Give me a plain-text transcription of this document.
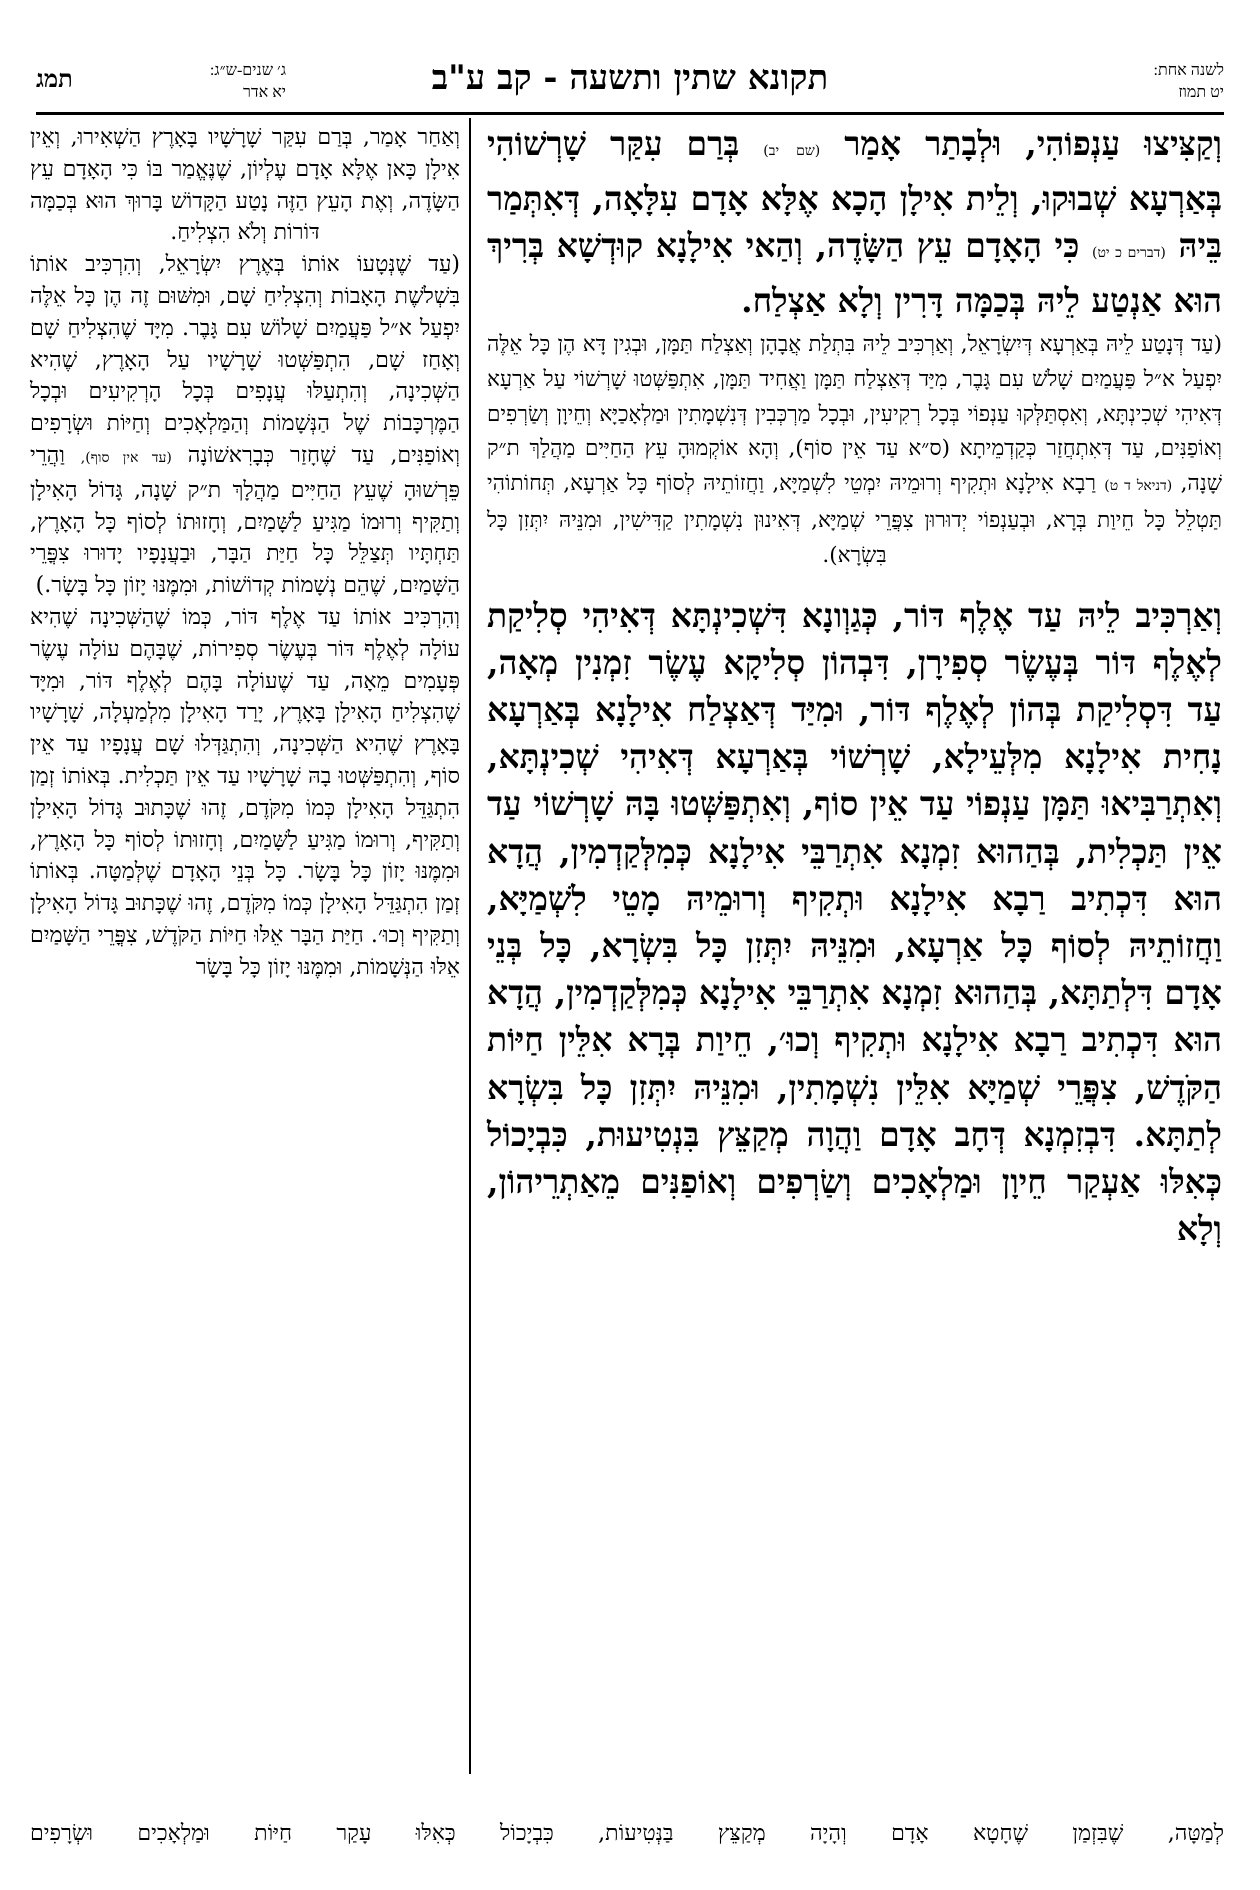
לשנה אחת:
יט תמוז
תקונא שתין ותשעה - קב ע"ב
ג׳ שנים-ש״ג:
יא אדר
תמג

וְקַצִּיצוּ עַנְפוֹהִי, וּלְבָתַר אָמַר (שם יב) בְּרַם עִקַּר שָׁרְשׁוֹהִי בְּאַרְעָא שְׁבוּקוּ, וְלֵית אִילָן הָכָא אֶלָּא אָדָם עִלָּאָה, דְּאִתְּמַר בֵּיהּ (דברים כ יט) כִּי הָאָדָם עֵץ הַשָּׂדֶה, וְהַאי אִילָנָא קוּדְשָׁא בְּרִיךְ הוּא אַנְטַע לֵיהּ בְּכַמָּה דָּרִין וְלָא אַצְלַח.

(עַד דְּנָטַע לֵיהּ בְּאַרְעָא דְּיִשְׂרָאֵל, וְאַרְכִּיב לֵיהּ בִּתְלַת אֲבָהָן וְאַצְלַח תַּמָּן, וּבְגִין דָּא הֶן כָּל אֵלֶּה יִפְעַל א״ל פַּעֲמַיִם שָׁלֹשׁ עִם גָּבֶר, מִיַּד דְּאַצְלַח תַּמָּן וַאֲחִיד תַּמָּן, אִתְפַּשְּׁטוּ שָׁרְשׁוֹי עַל אַרְעָא דְּאִיהִי שְׁכִינְתָּא, וְאִסְתַּלְּקוּ עַנְפוֹי בְּכָל רְקִיעִין, וּבְכָל מַרְכְּבִין דְּנִשְׁמָתִין וּמַלְאָכַיָּא וְחֵיוָן וְשַׂרְפִים וְאוֹפַנִּים, עַד דְּאִתְחֲזַר כְּקַדְמֵיתָא (ס״א עַד אֵין סוֹף), וְהָא אוֹקְמוּהָ עֵץ הַחַיִּים מַהֲלַךְ ת״ק שָׁנָה, (דניאל ד ט) רַבָא אִילָנָא וּתְקִיף וְרוּמֵיהּ יִמְטֵי לִשְׁמַיָּא, וַחֲזוֹתֵיהּ לְסוֹף כָּל אַרְעָא, תְּחוֹתוֹהִי תַּטְלֵל כָּל חֵיוַת בְּרָא, וּבְעַנְפוֹי יְדוּרוּן צִפֲּרֵי שְׁמַיָּא, דְּאִינוּן נִשְׁמָתִין קַדִּישִׁין, וּמִנֵּיהּ יִתְּזִן כָּל בִּשְׂרָא).

וְאַרְכִּיב לֵיהּ עַד אֶלֶף דּוֹר, כְּגַוְונָא דִּשְׁכִינְתָּא דְּאִיהִי סְלִיקַת לְאֶלֶף דּוֹר בְּעֶשֶׂר סְפִירָן, דִּבְהוֹן סְלִיקָא עֶשֶׂר זִמְנִין מְאָה, עַד דִּסְלִיקַת בְּהוֹן לְאֶלֶף דּוֹר, וּמִיַּד דְּאַצְלַח אִילָנָא בְּאַרְעָא נָחִית אִילָנָא מִלְּעֵילָא, שָׁרְשׁוֹי בְּאַרְעָא דְּאִיהִי שְׁכִינְתָּא, וְאִתְרַבִּיאוּ תַּמָּן עַנְפוֹי עַד אֵין סוֹף, וְאִתְפַּשְּׁטוּ בָּהּ שָׁרְשׁוֹי עַד אֵין תַּכְלִית, בְּהַהוּא זִמְנָא אִתְרַבֵּי אִילָנָא כְּמִלְּקַדְמִין, הֲדָא הוּא דִּכְתִיב רַבָא אִילָנָא וּתְקִיף וְרוּמֵיהּ מָטֵי לִשְׁמַיָּא, וַחֲזוֹתֵיהּ לְסוֹף כָּל אַרְעָא, וּמִנֵּיהּ יִתְּזִן כָּל בִּשְׂרָא, כָּל בְּנֵי אָדָם דִּלְתַתָּא, בְּהַהוּא זִמְנָא אִתְרַבֵּי אִילָנָא כְּמִלְּקַדְמִין, הֲדָא הוּא דִּכְתִיב רַבָא אִילָנָא וּתְקִיף וְכוּ׳, חֵיוַת בְּרָא אִלֵּין חַיּוֹת הַקֹּדֶשׁ, צִפֲּרֵי שְׁמַיָּא אִלֵּין נִשְׁמָתִין, וּמִנֵּיהּ יִתְּזִן כָּל בִּשְׂרָא לְתַתָּא. דִּבְזִמְנָא דְּחָב אָדָם וַהֲוָה מְקַצֵּץ בִּנְטִיעוּת, כִּבְיָכוֹל כְּאִלּוּ אַעְקַר חֵיוָן וּמַלְאָכִים וְשַׂרְפִים וְאוֹפַנִּים מֵאַתְרֵיהוֹן, וְלָא

וְאַחַר אָמַר, בְּרַם עִקַּר שָׁרָשָׁיו בָּאָרֶץ הַשְׁאִירוּ, וְאֵין אִילָן כָּאן אֶלָּא אָדָם עֶלְיוֹן, שֶׁנֶּאֱמַר בּוֹ כִּי הָאָדָם עֵץ הַשָּׂדֶה, וְאֶת הָעֵץ הַזֶּה נָטַע הַקָּדוֹשׁ בָּרוּךְ הוּא בְּכַמָּה דּוֹרוֹת וְלֹא הִצְלִיחַ.

(עַד שֶׁנְּטָעוֹ אוֹתוֹ בְּאֶרֶץ יִשְׂרָאֵל, וְהִרְכִּיב אוֹתוֹ בִּשְׁלֹשֶׁת הָאָבוֹת וְהִצְלִיחַ שָׁם, וּמִשּׁוּם זֶה הֶן כָּל אֵלֶּה יִפְעַל א״ל פַּעֲמַיִם שָׁלוֹשׁ עִם גָּבֶר. מִיָּד שֶׁהִצְלִיחַ שָׁם וְאָחַז שָׁם, הִתְפַּשְּׁטוּ שָׁרָשָׁיו עַל הָאָרֶץ, שֶׁהִיא הַשְּׁכִינָה, וְהִתְעַלּוּ עֲנָפִים בְּכָל הָרְקִיעִים וּבְכָל הַמֶּרְכָּבוֹת שֶׁל הַנְּשָׁמוֹת וְהַמַּלְאָכִים וְחַיּוֹת וּשְׂרָפִים וְאוֹפַנִּים, עַד שֶׁחָזַר כְּבָרִאשׁוֹנָה (עד אין סוף), וַהֲרֵי פֵּרְשׁוּהָ שֶׁעֵץ הַחַיִּים מַהֲלָךְ ת״ק שָׁנָה, גָּדוֹל הָאִילָן וְתַקִּיף וְרוּמוֹ מַגִּיעַ לַשָּׁמַיִם, וְחָזוּתוֹ לְסוֹף כָּל הָאָרֶץ, תַּחְתָּיו תְּצַלֵּל כָּל חַיַּת הַבָּר, וּבַעֲנָפָיו יָדוּרוּ צִפֳּרֵי הַשָּׁמַיִם, שֶׁהֵם נְשָׁמוֹת קְדוֹשׁוֹת, וּמִמֶּנּוּ יָזוֹן כָּל בָּשָׂר.)

וְהִרְכִּיב אוֹתוֹ עַד אֶלֶף דּוֹר, כְּמוֹ שֶׁהַשְּׁכִינָה שֶׁהִיא עוֹלָה לְאֶלֶף דּוֹר בְּעֶשֶׂר סְפִירוֹת, שֶׁבָּהֶם עוֹלָה עֶשֶׂר פְּעָמִים מֵאָה, עַד שֶׁעוֹלָה בָּהֶם לְאֶלֶף דּוֹר, וּמִיָּד שֶׁהִצְלִיחַ הָאִילָן בָּאָרֶץ, יָרַד הָאִילָן מִלְמַעְלָה, שָׁרָשָׁיו בָּאָרֶץ שֶׁהִיא הַשְּׁכִינָה, וְהִתְגַּדְּלוּ שָׁם עֲנָפָיו עַד אֵין סוֹף, וְהִתְפַּשְּׁטוּ בָהּ שָׁרָשָׁיו עַד אֵין תַּכְלִית. בְּאוֹתוֹ זְמַן הִתְגַּדֵּל הָאִילָן כְּמוֹ מִקֹּדֶם, זֶהוּ שֶׁכָּתוּב גָּדוֹל הָאִילָן וְתַקִּיף, וְרוּמוֹ מַגִּיעַ לַשָּׁמַיִם, וְחָזוּתוֹ לְסוֹף כָּל הָאָרֶץ, וּמִמֶּנּוּ יָזוֹן כָּל בָּשָׂר. כָּל בְּנֵי הָאָדָם שֶׁלְּמַטָּה. בְּאוֹתוֹ זְמַן הִתְגַּדֵּל הָאִילָן כְּמוֹ מִקֹּדֶם, זֶהוּ שֶׁכָּתוּב גָּדוֹל הָאִילָן וְתַקִּיף וְכוּ׳. חַיַּת הַבָּר אֵלּוּ חַיּוֹת הַקֹּדֶשׁ, צִפֳּרֵי הַשָּׁמַיִם אֵלּוּ הַנְּשָׁמוֹת, וּמִמֶּנּוּ יָזוֹן כָּל בָּשָׂר

לְמַטָּה, שֶׁבִּזְמַן שֶׁחָטָא אָדָם וְהָיָה מְקַצֵּץ בַּנְּטִיעוֹת, כִּבְיָכוֹל כְּאִלּוּ עָקַר חַיּוֹת וּמַלְאָכִים וּשְׂרָפִים
